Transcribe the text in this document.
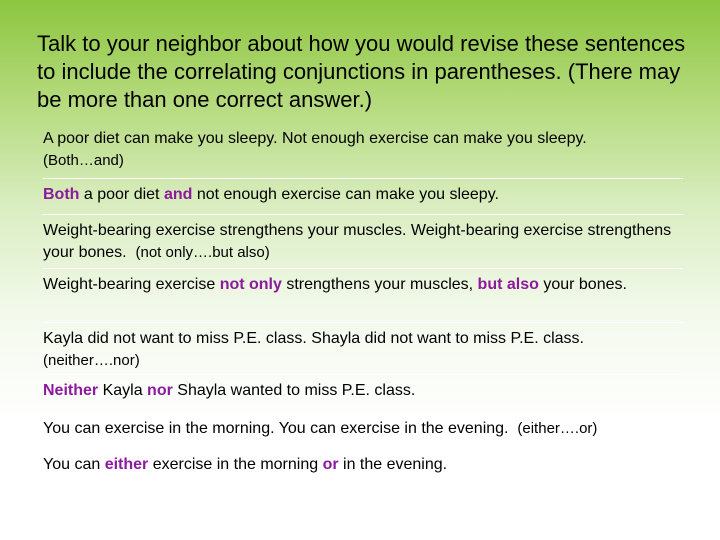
Talk to your neighbor about how you would revise these sentences to include the correlating conjunctions in parentheses. (There may be more than one correct answer.)

A poor diet can make you sleepy. Not enough exercise can make you sleepy.
(Both…and)
Both a poor diet and not enough exercise can make you sleepy.
Weight-bearing exercise strengthens your muscles. Weight-bearing exercise strengthens your bones. (not only….but also)
Weight-bearing exercise not only strengthens your muscles, but also your bones.
Kayla did not want to miss P.E. class. Shayla did not want to miss P.E. class.
(neither….nor)
Neither Kayla nor Shayla wanted to miss P.E. class.
You can exercise in the morning. You can exercise in the evening. (either….or)
You can either exercise in the morning or in the evening.
